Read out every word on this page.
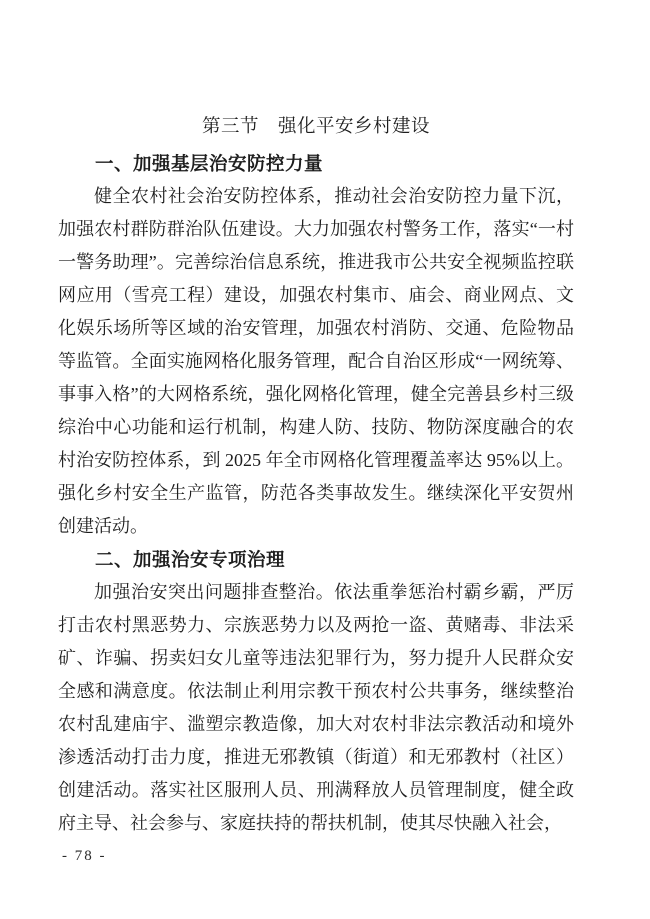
第三节　强化平安乡村建设
一、加强基层治安防控力量

健全农村社会治安防控体系，推动社会治安防控力量下沉，加强农村群防群治队伍建设。大力加强农村警务工作，落实“一村一警务助理”。完善综治信息系统，推进我市公共安全视频监控联网应用（雪亮工程）建设，加强农村集市、庙会、商业网点、文化娱乐场所等区域的治安管理，加强农村消防、交通、危险物品等监管。全面实施网格化服务管理，配合自治区形成“一网统筹、事事入格”的大网格系统，强化网格化管理，健全完善县乡村三级综治中心功能和运行机制，构建人防、技防、物防深度融合的农村治安防控体系，到 2025 年全市网格化管理覆盖率达 95%以上。强化乡村安全生产监管，防范各类事故发生。继续深化平安贺州创建活动。

二、加强治安专项治理

加强治安突出问题排查整治。依法重拳惩治村霸乡霸，严厉打击农村黑恶势力、宗族恶势力以及两抢一盗、黄赌毒、非法采矿、诈骗、拐卖妇女儿童等违法犯罪行为，努力提升人民群众安全感和满意度。依法制止利用宗教干预农村公共事务，继续整治农村乱建庙宇、滥塑宗教造像，加大对农村非法宗教活动和境外渗透活动打击力度，推进无邪教镇（街道）和无邪教村（社区）创建活动。落实社区服刑人员、刑满释放人员管理制度，健全政府主导、社会参与、家庭扶持的帮扶机制，使其尽快融入社会，

- 78 -
